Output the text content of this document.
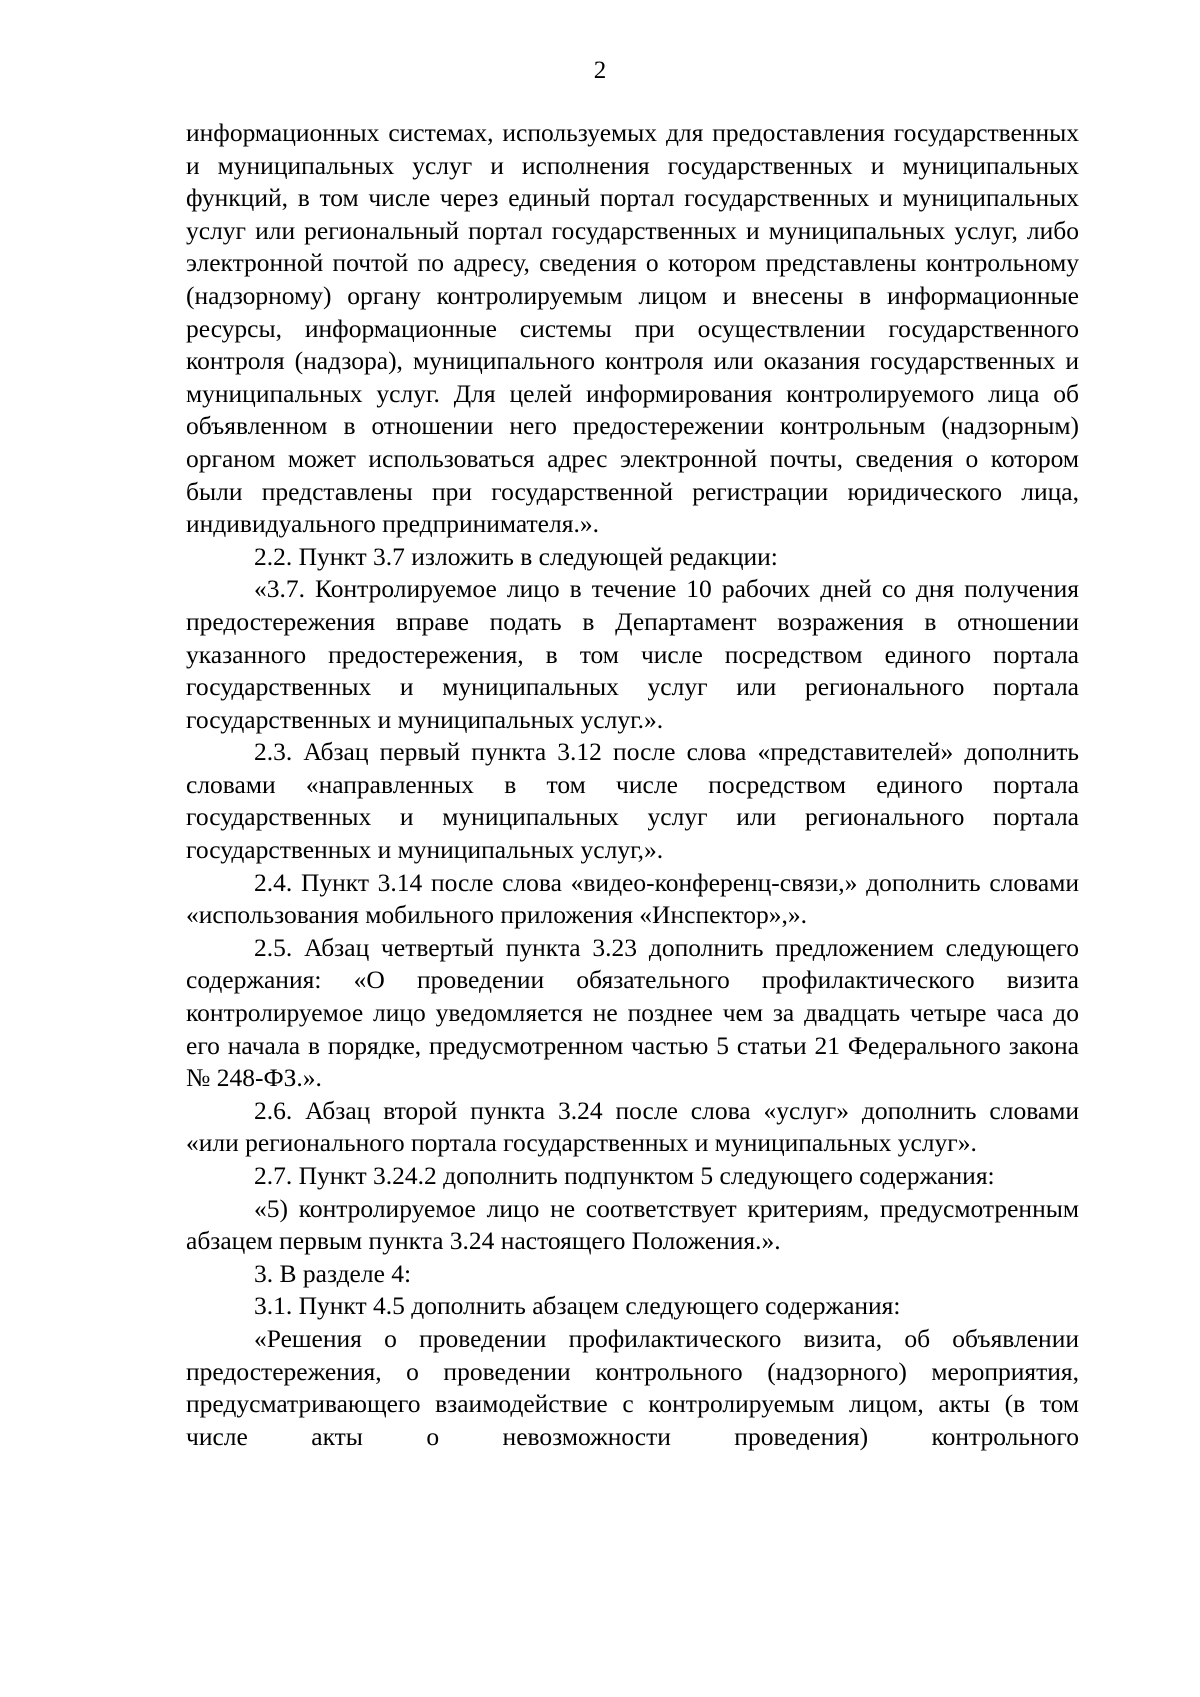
2

информационных системах, используемых для предоставления государственных и муниципальных услуг и исполнения государственных и муниципальных функций, в том числе через единый портал государственных и муниципальных услуг или региональный портал государственных и муниципальных услуг, либо электронной почтой по адресу, сведения о котором представлены контрольному (надзорному) органу контролируемым лицом и внесены в информационные ресурсы, информационные системы при осуществлении государственного контроля (надзора), муниципального контроля или оказания государственных и муниципальных услуг. Для целей информирования контролируемого лица об объявленном в отношении него предостережении контрольным (надзорным) органом может использоваться адрес электронной почты, сведения о котором были представлены при государственной регистрации юридического лица, индивидуального предпринимателя.».

2.2. Пункт 3.7 изложить в следующей редакции:

«3.7. Контролируемое лицо в течение 10 рабочих дней со дня получения предостережения вправе подать в Департамент возражения в отношении указанного предостережения, в том числе посредством единого портала государственных и муниципальных услуг или регионального портала государственных и муниципальных услуг.».

2.3. Абзац первый пункта 3.12 после слова «представителей» дополнить словами «направленных в том числе посредством единого портала государственных и муниципальных услуг или регионального портала государственных и муниципальных услуг,».

2.4. Пункт 3.14 после слова «видео-конференц-связи,» дополнить словами «использования мобильного приложения «Инспектор»,».

2.5. Абзац четвертый пункта 3.23 дополнить предложением следующего содержания: «О проведении обязательного профилактического визита контролируемое лицо уведомляется не позднее чем за двадцать четыре часа до его начала в порядке, предусмотренном частью 5 статьи 21 Федерального закона № 248-ФЗ.».

2.6. Абзац второй пункта 3.24 после слова «услуг» дополнить словами «или регионального портала государственных и муниципальных услуг».

2.7. Пункт 3.24.2 дополнить подпунктом 5 следующего содержания:

«5) контролируемое лицо не соответствует критериям, предусмотренным абзацем первым пункта 3.24 настоящего Положения.».

3. В разделе 4:

3.1. Пункт 4.5 дополнить абзацем следующего содержания:

«Решения о проведении профилактического визита, об объявлении предостережения, о проведении контрольного (надзорного) мероприятия, предусматривающего взаимодействие с контролируемым лицом, акты (в том числе акты о невозможности проведения) контрольного
